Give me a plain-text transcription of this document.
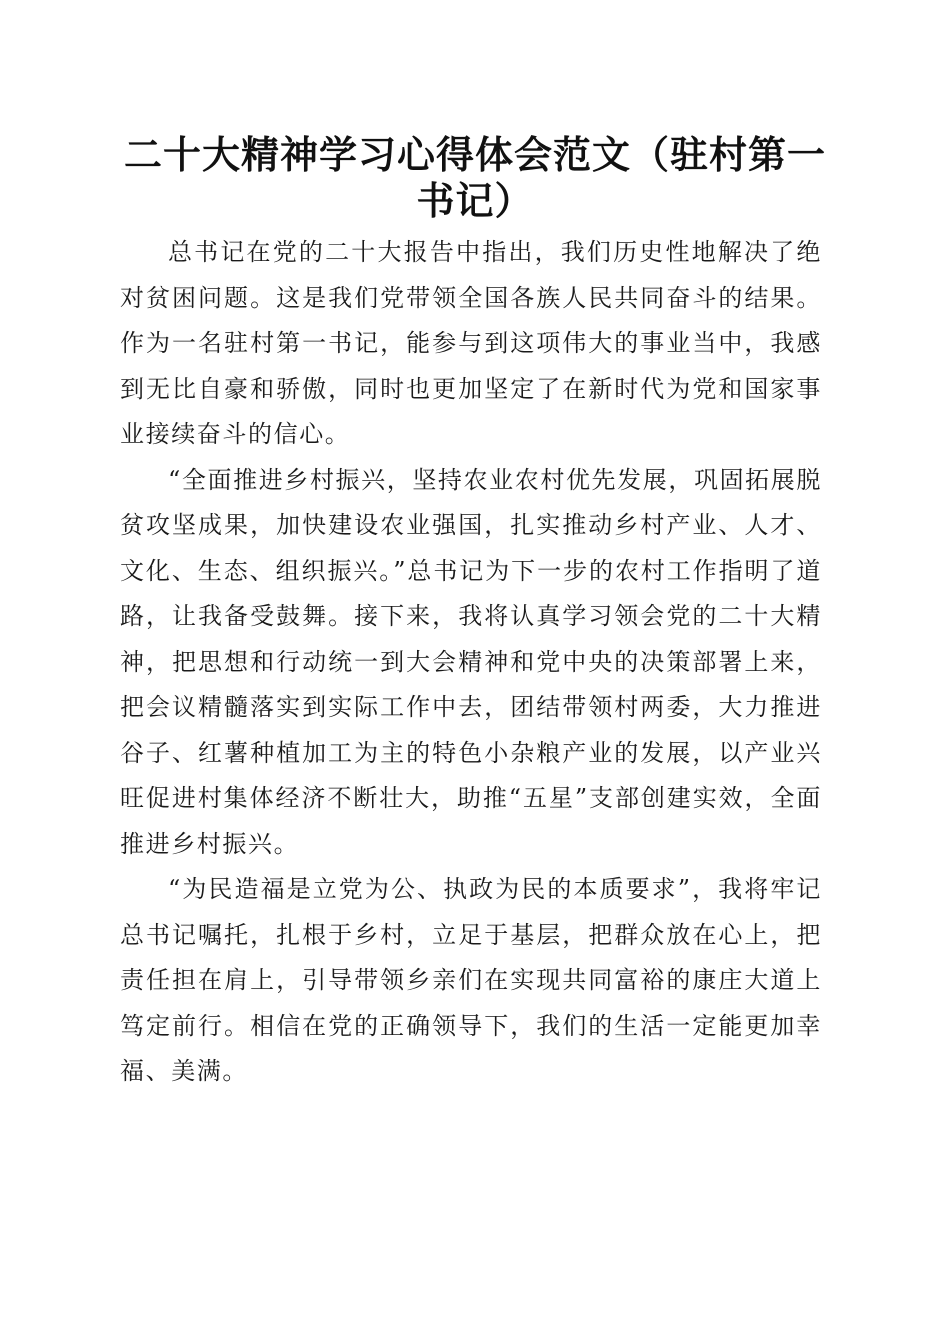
二十大精神学习心得体会范文（驻村第一书记）

总书记在党的二十大报告中指出，我们历史性地解决了绝对贫困问题。这是我们党带领全国各族人民共同奋斗的结果。作为一名驻村第一书记，能参与到这项伟大的事业当中，我感到无比自豪和骄傲，同时也更加坚定了在新时代为党和国家事业接续奋斗的信心。

“全面推进乡村振兴，坚持农业农村优先发展，巩固拓展脱贫攻坚成果，加快建设农业强国，扎实推动乡村产业、人才、文化、生态、组织振兴。”总书记为下一步的农村工作指明了道路，让我备受鼓舞。接下来，我将认真学习领会党的二十大精神，把思想和行动统一到大会精神和党中央的决策部署上来，把会议精髓落实到实际工作中去，团结带领村两委，大力推进谷子、红薯种植加工为主的特色小杂粮产业的发展，以产业兴旺促进村集体经济不断壮大，助推“五星”支部创建实效，全面推进乡村振兴。

“为民造福是立党为公、执政为民的本质要求”，我将牢记总书记嘱托，扎根于乡村，立足于基层，把群众放在心上，把责任担在肩上，引导带领乡亲们在实现共同富裕的康庄大道上笃定前行。相信在党的正确领导下，我们的生活一定能更加幸福、美满。
